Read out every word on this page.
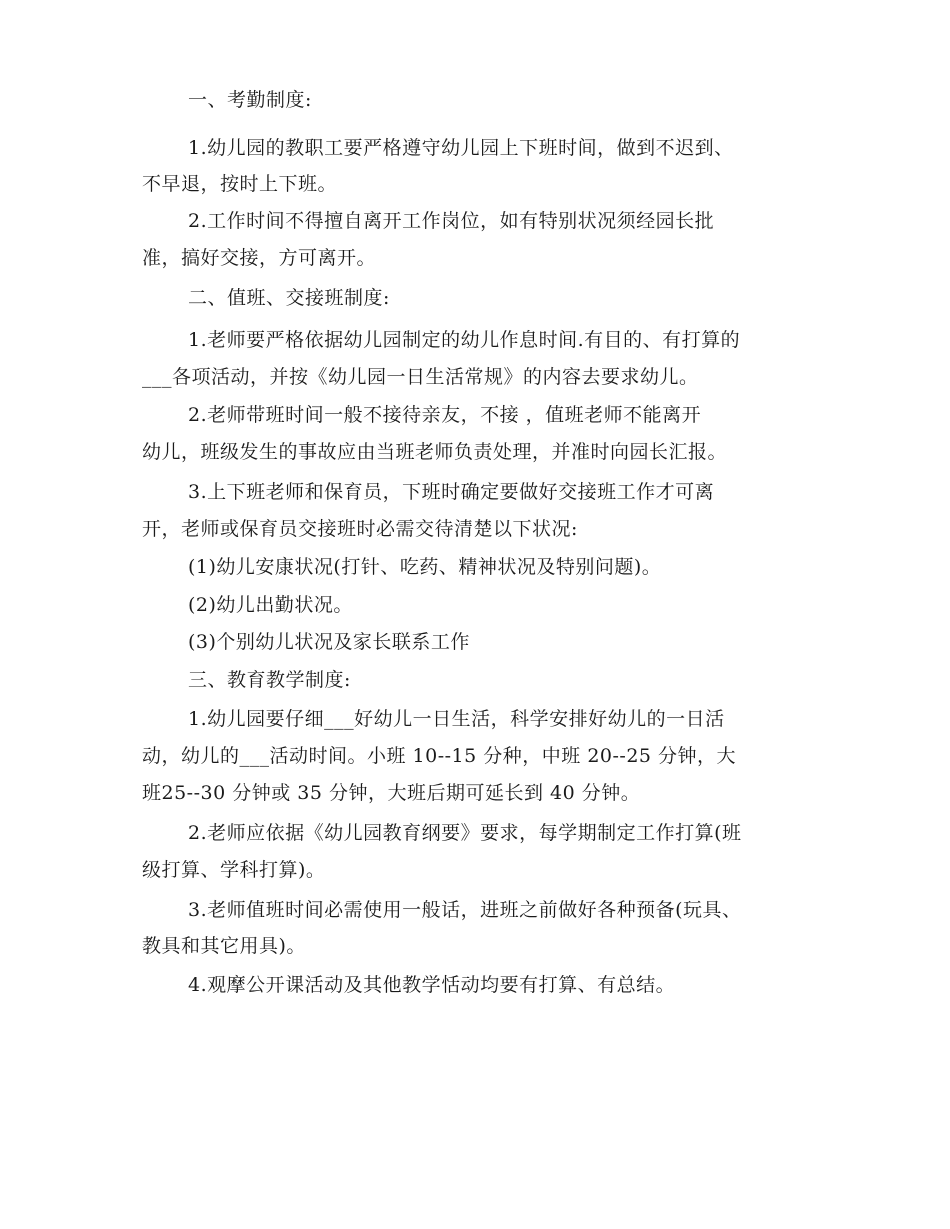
一、考勤制度:
1.幼儿园的教职工要严格遵守幼儿园上下班时间，做到不迟到、
不早退，按时上下班。
2.工作时间不得擅自离开工作岗位，如有特别状况须经园长批
准，搞好交接，方可离开。
二、值班、交接班制度:
1.老师要严格依据幼儿园制定的幼儿作息时间.有目的、有打算的
___各项活动，并按《幼儿园一日生活常规》的内容去要求幼儿。
2.老师带班时间一般不接待亲友，不接 ，值班老师不能离开
幼儿，班级发生的事故应由当班老师负责处理，并准时向园长汇报。
3.上下班老师和保育员，下班时确定要做好交接班工作才可离
开，老师或保育员交接班时必需交待清楚以下状况:
(1)幼儿安康状况(打针、吃药、精神状况及特别问题)。
(2)幼儿出勤状况。
(3)个别幼儿状况及家长联系工作
三、教育教学制度:
1.幼儿园要仔细___好幼儿一日生活，科学安排好幼儿的一日活
动，幼儿的___活动时间。小班 10--15 分种，中班 20--25 分钟，大
班25--30 分钟或 35 分钟，大班后期可延长到 40 分钟。
2.老师应依据《幼儿园教育纲要》要求，每学期制定工作打算(班
级打算、学科打算)。
3.老师值班时间必需使用一般话，进班之前做好各种预备(玩具、
教具和其它用具)。
4.观摩公开课活动及其他教学恬动均要有打算、有总结。
